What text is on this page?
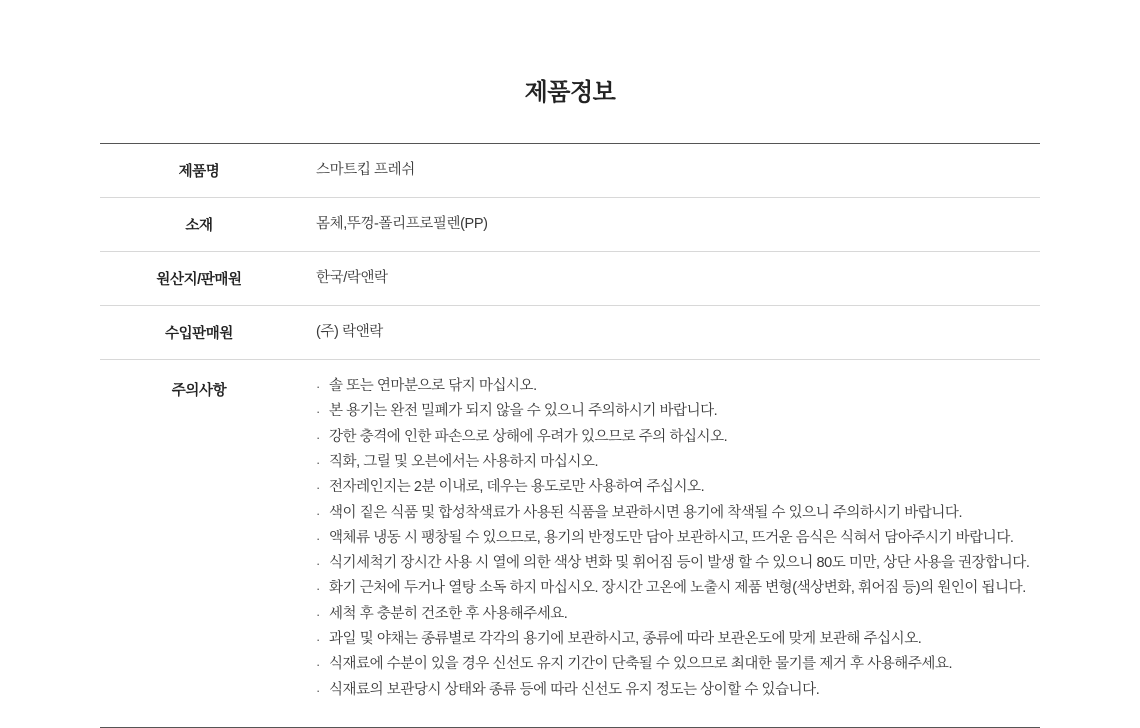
제품정보
제품명	스마트킵 프레쉬
소재	몸체,뚜껑-폴리프로필렌(PP)
원산지/판매원	한국/락앤락
수입판매원	(주) 락앤락
주의사항	· 솔 또는 연마분으로 닦지 마십시오.
· 본 용기는 완전 밀폐가 되지 않을 수 있으니 주의하시기 바랍니다.
· 강한 충격에 인한 파손으로 상해에 우려가 있으므로 주의 하십시오.
· 직화, 그릴 및 오븐에서는 사용하지 마십시오.
· 전자레인지는 2분 이내로, 데우는 용도로만 사용하여 주십시오.
· 색이 짙은 식품 및 합성착색료가 사용된 식품을 보관하시면 용기에 착색될 수 있으니 주의하시기 바랍니다.
· 액체류 냉동 시 팽창될 수 있으므로, 용기의 반정도만 담아 보관하시고, 뜨거운 음식은 식혀서 담아주시기 바랍니다.
· 식기세척기 장시간 사용 시 열에 의한 색상 변화 및 휘어짐 등이 발생 할 수 있으니 80도 미만, 상단 사용을 권장합니다.
· 화기 근처에 두거나 열탕 소독 하지 마십시오. 장시간 고온에 노출시 제품 변형(색상변화, 휘어짐 등)의 원인이 됩니다.
· 세척 후 충분히 건조한 후 사용해주세요.
· 과일 및 야채는 종류별로 각각의 용기에 보관하시고, 종류에 따라 보관온도에 맞게 보관해 주십시오.
· 식재료에 수분이 있을 경우 신선도 유지 기간이 단축될 수 있으므로 최대한 물기를 제거 후 사용해주세요.
· 식재료의 보관당시 상태와 종류 등에 따라 신선도 유지 정도는 상이할 수 있습니다.
